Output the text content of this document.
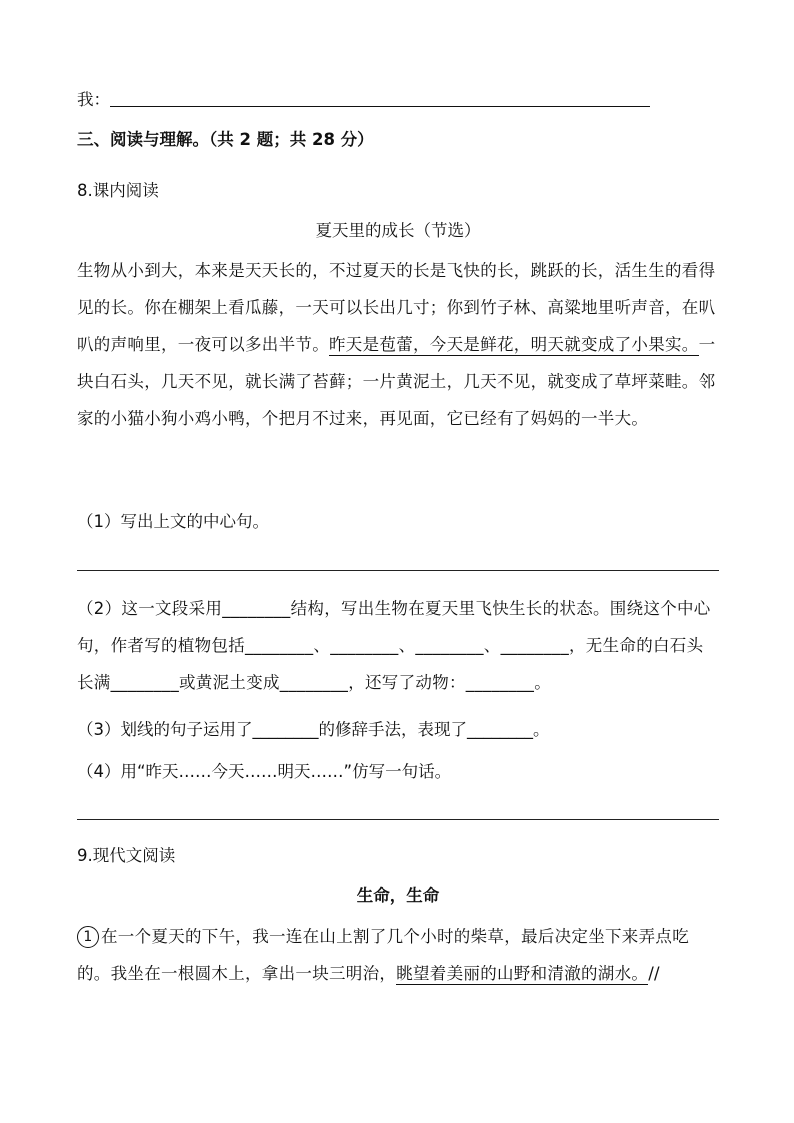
我：
三、阅读与理解。（共 2 题；共 28 分）
8.课内阅读
夏天里的成长（节选）
生物从小到大，本来是天天长的，不过夏天的长是飞快的长，跳跃的长，活生生的看得见的长。你在棚架上看瓜藤，一天可以长出几寸；你到竹子林、高粱地里听声音，在叭叭的声响里，一夜可以多出半节。昨天是苞蕾，今天是鲜花，明天就变成了小果实。一块白石头，几天不见，就长满了苔藓；一片黄泥土，几天不见，就变成了草坪菜畦。邻家的小猫小狗小鸡小鸭，个把月不过来，再见面，它已经有了妈妈的一半大。
（1）写出上文的中心句。
（2）这一文段采用________结构，写出生物在夏天里飞快生长的状态。围绕这个中心句，作者写的植物包括________、________、________、________，无生命的白石头长满________或黄泥土变成________，还写了动物：________。
（3）划线的句子运用了________的修辞手法，表现了________。
（4）用“昨天……今天……明天……”仿写一句话。
9.现代文阅读
生命，生命
1 在一个夏天的下午，我一连在山上割了几个小时的柴草，最后决定坐下来弄点吃的。我坐在一根圆木上，拿出一块三明治，眺望着美丽的山野和清澈的湖水。//
